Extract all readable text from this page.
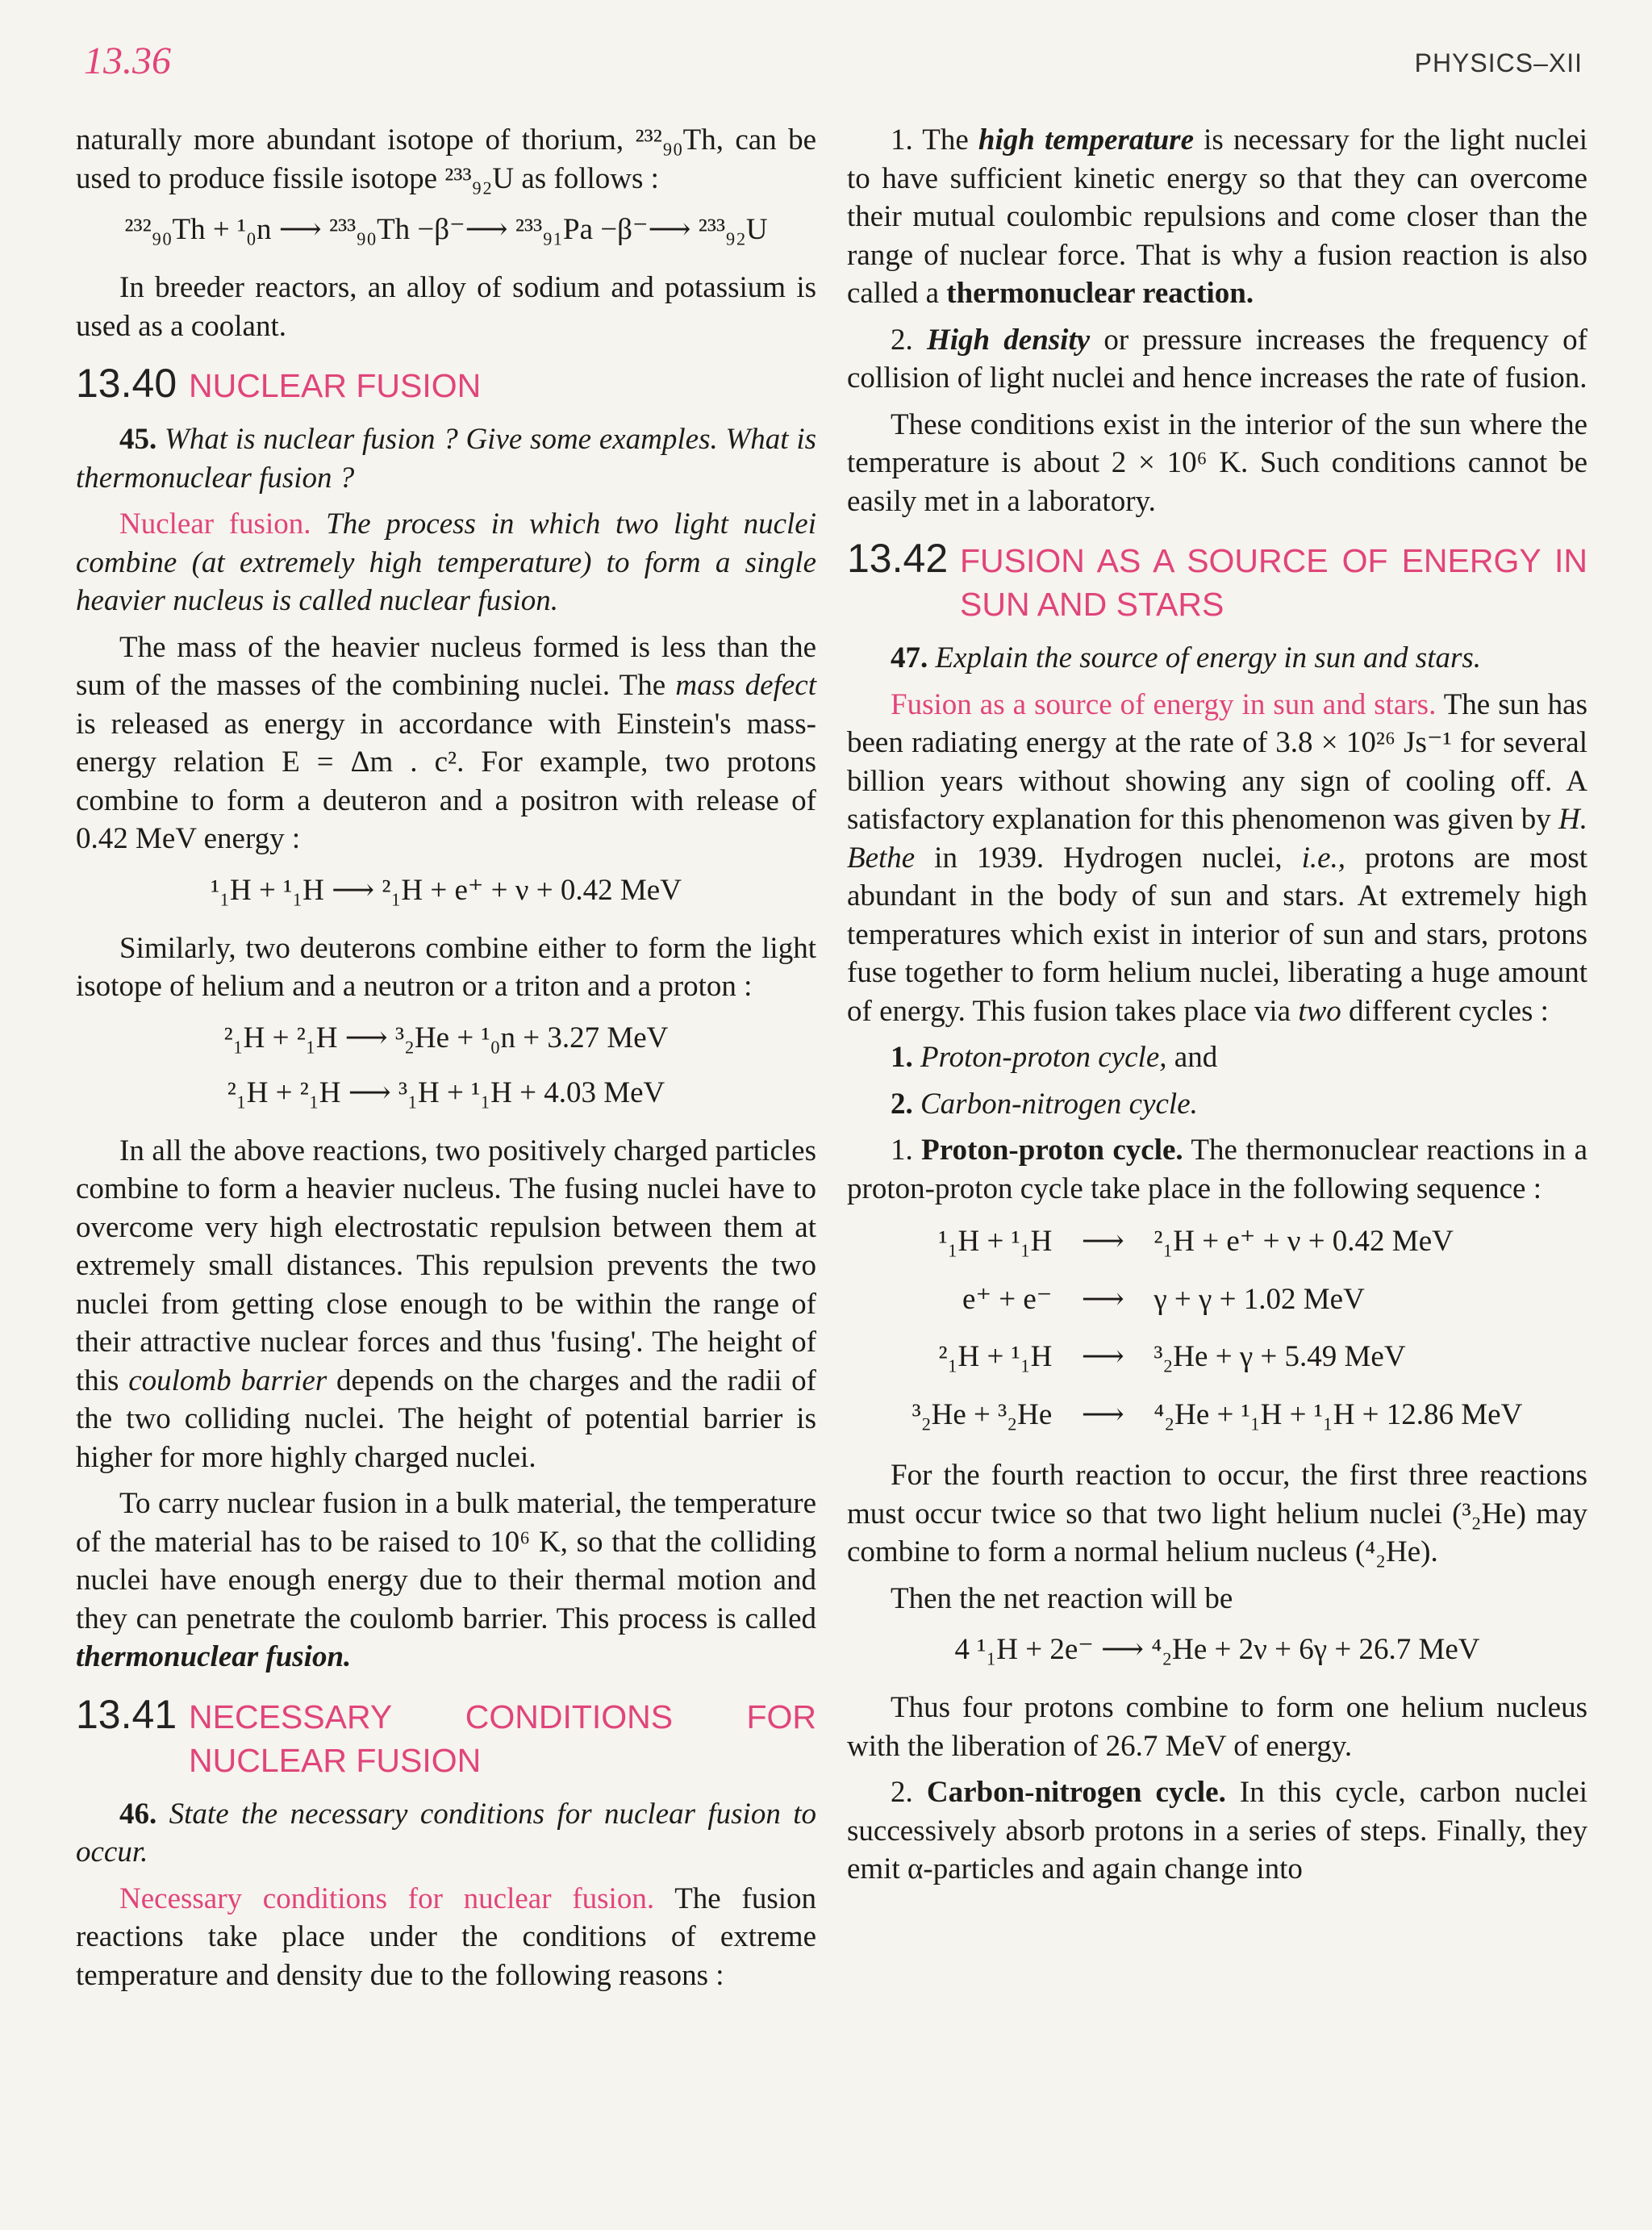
13.36	PHYSICS–XII

naturally more abundant isotope of thorium, ²³²₉₀Th, can be used to produce fissile isotope ²³³₉₂U as follows :

²³²₉₀Th + ¹₀n ⟶ ²³³₉₀Th −β⁻⟶ ²³³₉₁Pa −β⁻⟶ ²³³₉₂U

In breeder reactors, an alloy of sodium and potassium is used as a coolant.

13.40 NUCLEAR FUSION

45. What is nuclear fusion ? Give some examples. What is thermonuclear fusion ?

Nuclear fusion. The process in which two light nuclei combine (at extremely high temperature) to form a single heavier nucleus is called nuclear fusion.

The mass of the heavier nucleus formed is less than the sum of the masses of the combining nuclei. The mass defect is released as energy in accordance with Einstein's mass-energy relation E = Δm . c². For example, two protons combine to form a deuteron and a positron with release of 0.42 MeV energy :

¹₁H + ¹₁H ⟶ ²₁H + e⁺ + ν + 0.42 MeV

Similarly, two deuterons combine either to form the light isotope of helium and a neutron or a triton and a proton :

²₁H + ²₁H ⟶ ³₂He + ¹₀n + 3.27 MeV
²₁H + ²₁H ⟶ ³₁H + ¹₁H + 4.03 MeV

In all the above reactions, two positively charged particles combine to form a heavier nucleus. The fusing nuclei have to overcome very high electrostatic repulsion between them at extremely small distances. This repulsion prevents the two nuclei from getting close enough to be within the range of their attractive nuclear forces and thus 'fusing'. The height of this coulomb barrier depends on the charges and the radii of the two colliding nuclei. The height of potential barrier is higher for more highly charged nuclei.

To carry nuclear fusion in a bulk material, the temperature of the material has to be raised to 10⁶ K, so that the colliding nuclei have enough energy due to their thermal motion and they can penetrate the coulomb barrier. This process is called thermonuclear fusion.

13.41 NECESSARY CONDITIONS FOR NUCLEAR FUSION

46. State the necessary conditions for nuclear fusion to occur.

Necessary conditions for nuclear fusion. The fusion reactions take place under the conditions of extreme temperature and density due to the following reasons :

1. The high temperature is necessary for the light nuclei to have sufficient kinetic energy so that they can overcome their mutual coulombic repulsions and come closer than the range of nuclear force. That is why a fusion reaction is also called a thermonuclear reaction.

2. High density or pressure increases the frequency of collision of light nuclei and hence increases the rate of fusion.

These conditions exist in the interior of the sun where the temperature is about 2 × 10⁶ K. Such conditions cannot be easily met in a laboratory.

13.42 FUSION AS A SOURCE OF ENERGY IN SUN AND STARS

47. Explain the source of energy in sun and stars.

Fusion as a source of energy in sun and stars. The sun has been radiating energy at the rate of 3.8 × 10²⁶ Js⁻¹ for several billion years without showing any sign of cooling off. A satisfactory explanation for this phenomenon was given by H. Bethe in 1939. Hydrogen nuclei, i.e., protons are most abundant in the body of sun and stars. At extremely high temperatures which exist in interior of sun and stars, protons fuse together to form helium nuclei, liberating a huge amount of energy. This fusion takes place via two different cycles :

1. Proton-proton cycle, and

2. Carbon-nitrogen cycle.

1. Proton-proton cycle. The thermonuclear reactions in a proton-proton cycle take place in the following sequence :

¹₁H + ¹₁H ⟶ ²₁H + e⁺ + ν + 0.42 MeV
e⁺ + e⁻ ⟶ γ + γ + 1.02 MeV
²₁H + ¹₁H ⟶ ³₂He + γ + 5.49 MeV
³₂He + ³₂He ⟶ ⁴₂He + ¹₁H + ¹₁H + 12.86 MeV

For the fourth reaction to occur, the first three reactions must occur twice so that two light helium nuclei (³₂He) may combine to form a normal helium nucleus (⁴₂He).

Then the net reaction will be

4 ¹₁H + 2e⁻ ⟶ ⁴₂He + 2ν + 6γ + 26.7 MeV

Thus four protons combine to form one helium nucleus with the liberation of 26.7 MeV of energy.

2. Carbon-nitrogen cycle. In this cycle, carbon nuclei successively absorb protons in a series of steps. Finally, they emit α-particles and again change into
